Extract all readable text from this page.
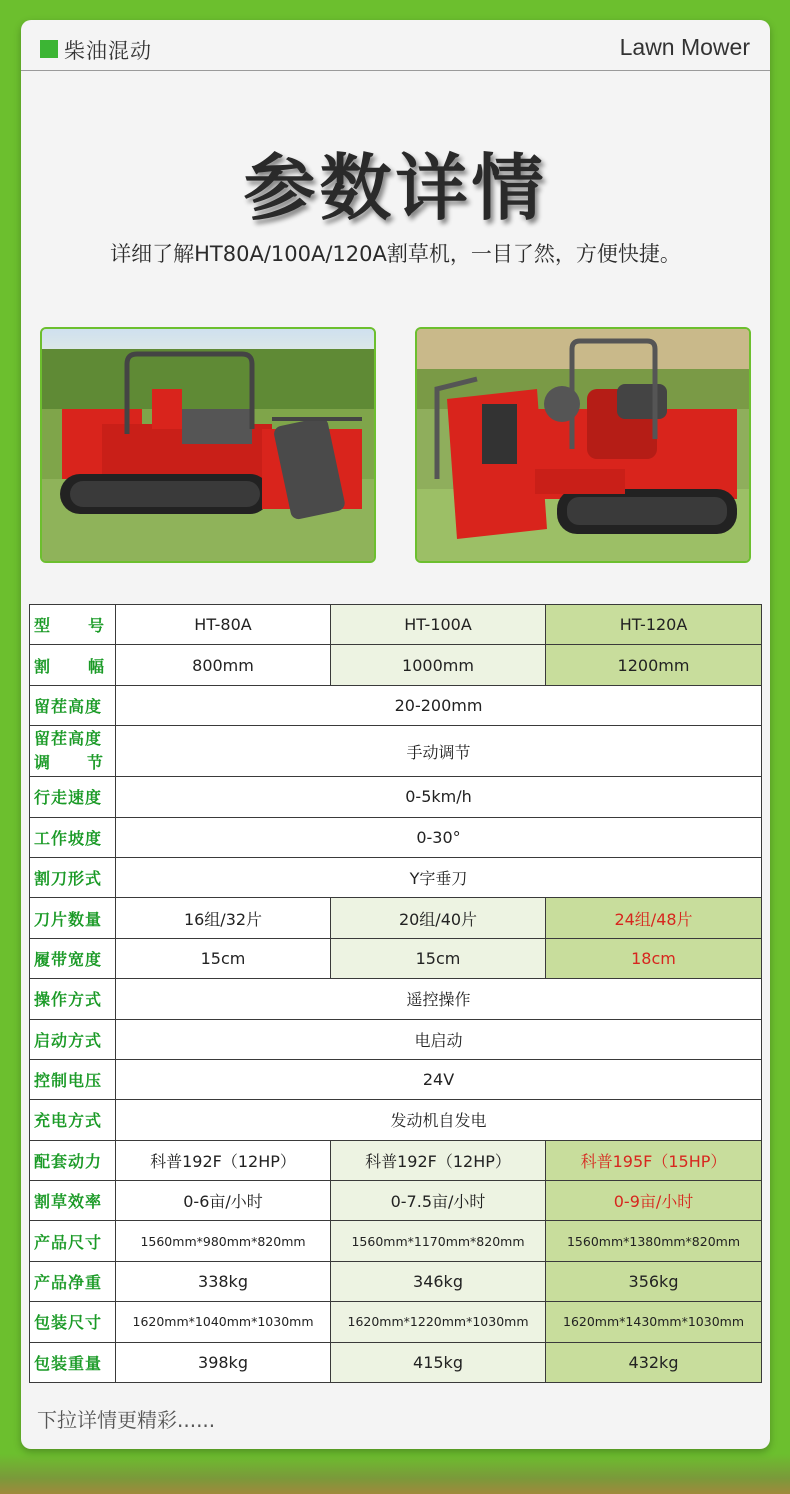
柴油混动	Lawn Mower
参数详情
详细了解HT80A/100A/120A割草机，一目了然，方便快捷。
型 号	HT-80A	HT-100A	HT-120A

割 幅	800mm	1000mm	1200mm
留茬高度	20-200mm		

留茬高度
调 节	手动调节		
行走速度	0-5km/h		
工作坡度	0-30°		
割刀形式	Y字垂刀		
刀片数量	16组/32片	20组/40片	24组/48片
履带宽度	15cm	15cm	18cm
操作方式	遥控操作		
启动方式	电启动		
控制电压	24V		
充电方式	发动机自发电		
配套动力	科普192F（12HP）	科普192F（12HP）	科普195F（15HP）
割草效率	0-6亩/小时	0-7.5亩/小时	0-9亩/小时
产品尺寸	1560mm*980mm*820mm	1560mm*1170mm*820mm	1560mm*1380mm*820mm
产品净重	338kg	346kg	356kg
包装尺寸	1620mm*1040mm*1030mm	1620mm*1220mm*1030mm	1620mm*1430mm*1030mm
包装重量	398kg	415kg	432kg
下拉详情更精彩......
